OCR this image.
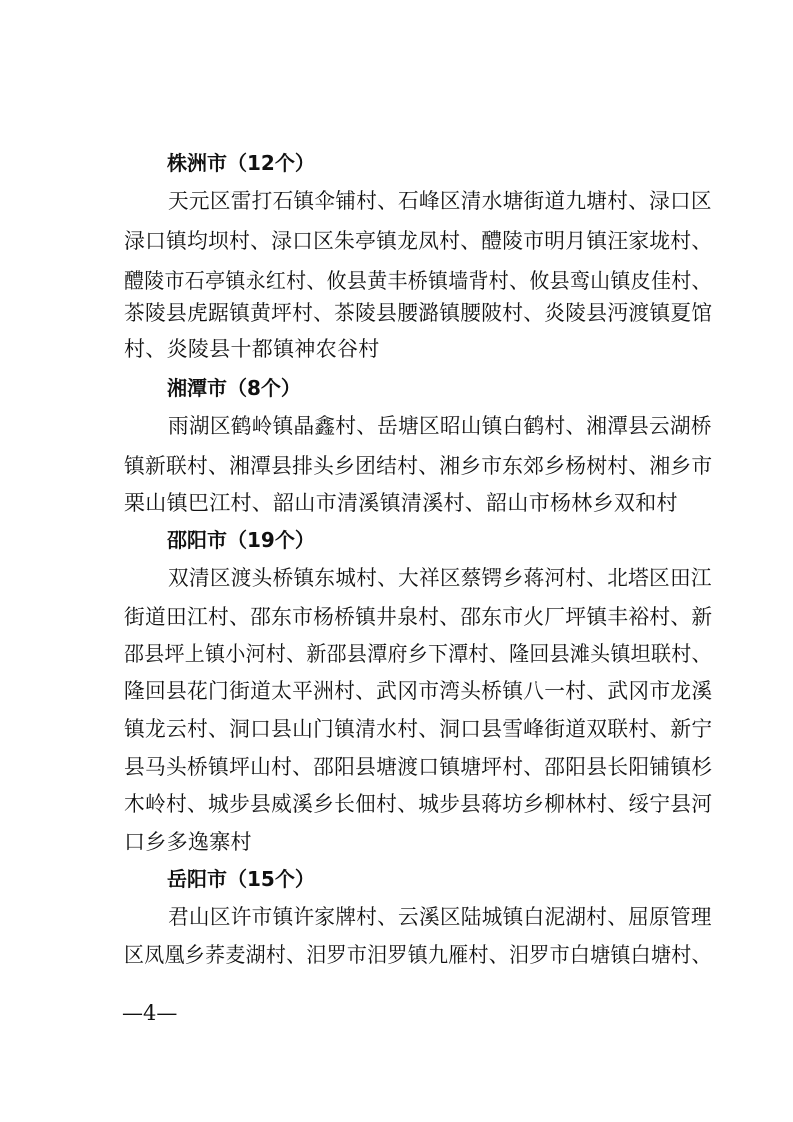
株洲市（12个）
天元区雷打石镇伞铺村、石峰区清水塘街道九塘村、渌口区
渌口镇均坝村、渌口区朱亭镇龙凤村、醴陵市明月镇汪家垅村、
醴陵市石亭镇永红村、攸县黄丰桥镇墙背村、攸县鸾山镇皮佳村、
茶陵县虎踞镇黄坪村、茶陵县腰潞镇腰陂村、炎陵县沔渡镇夏馆
村、炎陵县十都镇神农谷村
湘潭市（8个）
雨湖区鹤岭镇晶鑫村、岳塘区昭山镇白鹤村、湘潭县云湖桥
镇新联村、湘潭县排头乡团结村、湘乡市东郊乡杨树村、湘乡市
栗山镇巴江村、韶山市清溪镇清溪村、韶山市杨林乡双和村
邵阳市（19个）
双清区渡头桥镇东城村、大祥区蔡锷乡蒋河村、北塔区田江
街道田江村、邵东市杨桥镇井泉村、邵东市火厂坪镇丰裕村、新
邵县坪上镇小河村、新邵县潭府乡下潭村、隆回县滩头镇坦联村、
隆回县花门街道太平洲村、武冈市湾头桥镇八一村、武冈市龙溪
镇龙云村、洞口县山门镇清水村、洞口县雪峰街道双联村、新宁
县马头桥镇坪山村、邵阳县塘渡口镇塘坪村、邵阳县长阳铺镇杉
木岭村、城步县威溪乡长佃村、城步县蒋坊乡柳林村、绥宁县河
口乡多逸寨村
岳阳市（15个）
君山区许市镇许家牌村、云溪区陆城镇白泥湖村、屈原管理
区凤凰乡荞麦湖村、汨罗市汨罗镇九雁村、汨罗市白塘镇白塘村、
—4—
